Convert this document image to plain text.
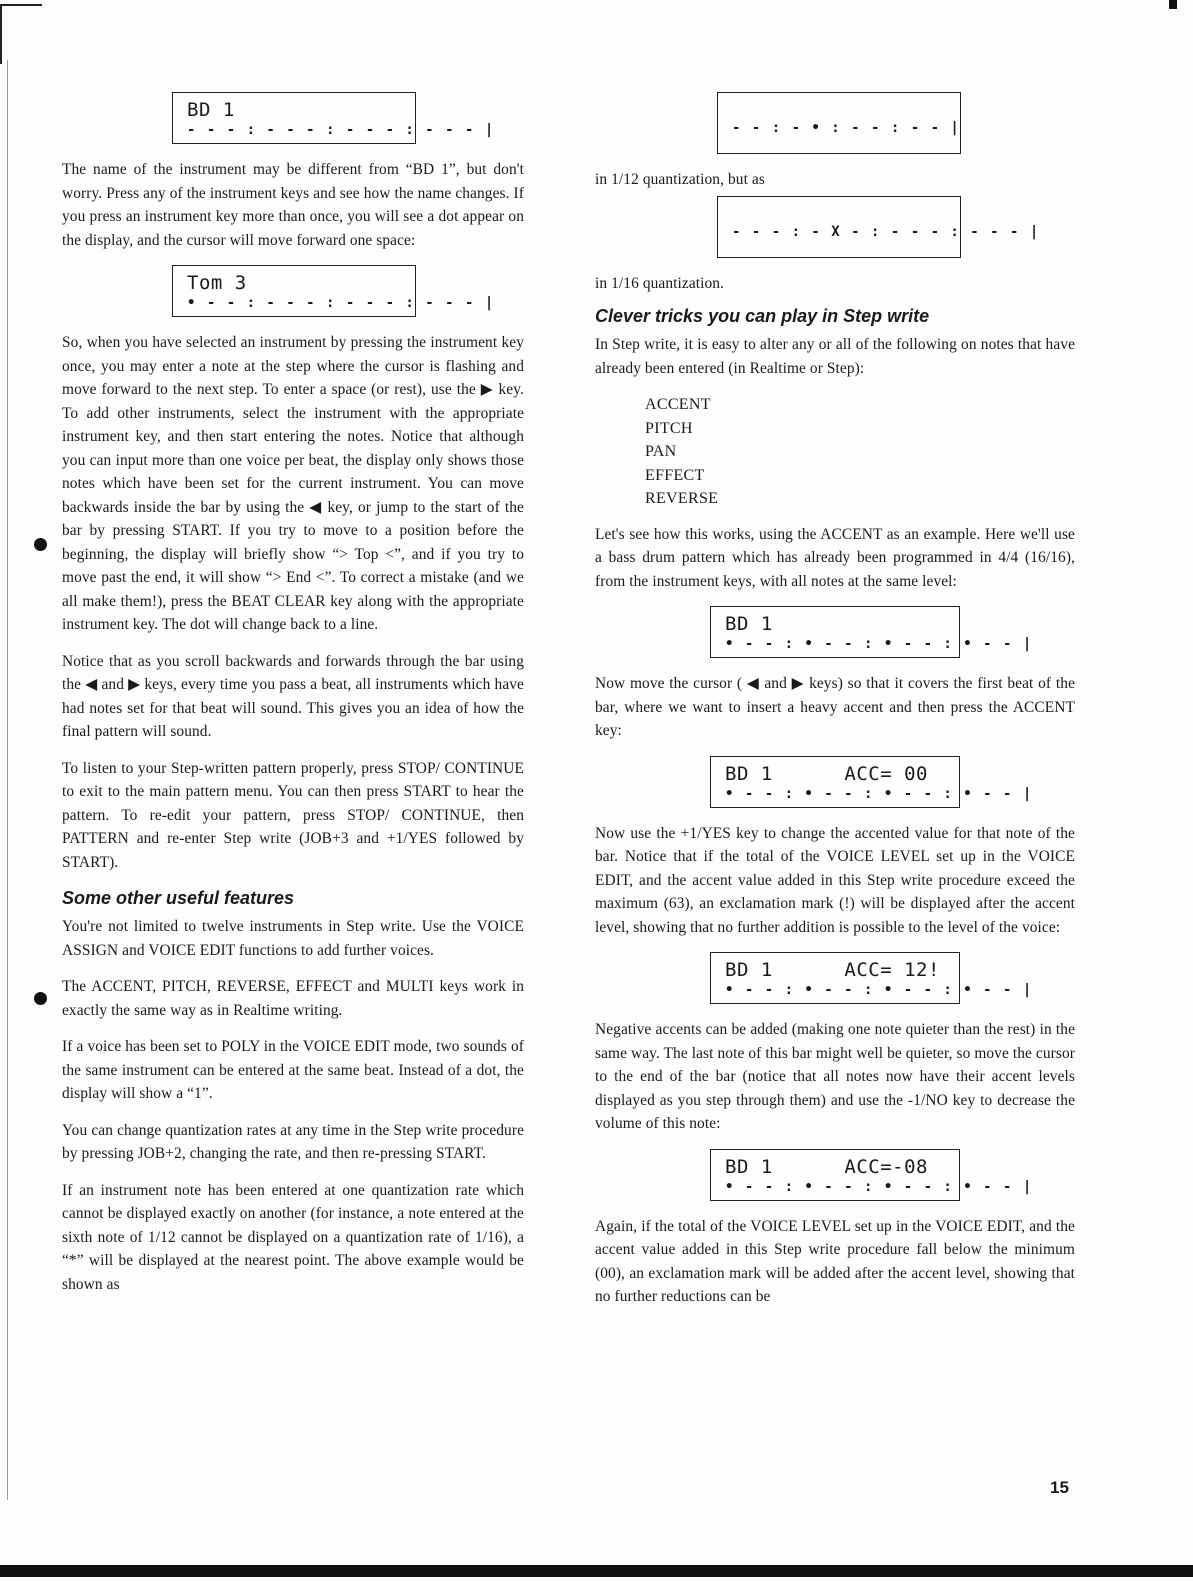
BD 1
- - - : - - - : - - - : - - - |

The name of the instrument may be different from “BD 1”, but don't worry. Press any of the instrument keys and see how the name changes. If you press an instrument key more than once, you will see a dot appear on the display, and the cursor will move forward one space:

Tom 3
• - - : - - - : - - - : - - - |

So, when you have selected an instrument by pressing the instrument key once, you may enter a note at the step where the cursor is flashing and move forward to the next step. To enter a space (or rest), use the ▶ key. To add other instruments, select the instrument with the appropriate instrument key, and then start entering the notes. Notice that although you can input more than one voice per beat, the display only shows those notes which have been set for the current instrument. You can move backwards inside the bar by using the ◀ key, or jump to the start of the bar by pressing START. If you try to move to a position before the beginning, the display will briefly show “> Top <”, and if you try to move past the end, it will show “> End <”. To correct a mistake (and we all make them!), press the BEAT CLEAR key along with the appropriate instrument key. The dot will change back to a line.

Notice that as you scroll backwards and forwards through the bar using the ◀ and ▶ keys, every time you pass a beat, all instruments which have had notes set for that beat will sound. This gives you an idea of how the final pattern will sound.

To listen to your Step-written pattern properly, press STOP/ CONTINUE to exit to the main pattern menu. You can then press START to hear the pattern. To re-edit your pattern, press STOP/ CONTINUE, then PATTERN and re-enter Step write (JOB+3 and +1/YES followed by START).

Some other useful features

You're not limited to twelve instruments in Step write. Use the VOICE ASSIGN and VOICE EDIT functions to add further voices.

The ACCENT, PITCH, REVERSE, EFFECT and MULTI keys work in exactly the same way as in Realtime writing.

If a voice has been set to POLY in the VOICE EDIT mode, two sounds of the same instrument can be entered at the same beat. Instead of a dot, the display will show a “1”.

You can change quantization rates at any time in the Step write procedure by pressing JOB+2, changing the rate, and then re-pressing START.

If an instrument note has been entered at one quantization rate which cannot be displayed exactly on another (for instance, a note entered at the sixth note of 1/12 cannot be displayed on a quantization rate of 1/16), a “*” will be displayed at the nearest point. The above example would be shown as

- - : - • : - - : - - |

in 1/12 quantization, but as

- - - : - X - : - - - : - - - |

in 1/16 quantization.

Clever tricks you can play in Step write

In Step write, it is easy to alter any or all of the following on notes that have already been entered (in Realtime or Step):

ACCENT
PITCH
PAN
EFFECT
REVERSE

Let's see how this works, using the ACCENT as an example. Here we'll use a bass drum pattern which has already been programmed in 4/4 (16/16), from the instrument keys, with all notes at the same level:

BD 1
• - - : • - - : • - - : • - - |

Now move the cursor ( ◀ and ▶ keys) so that it covers the first beat of the bar, where we want to insert a heavy accent and then press the ACCENT key:

BD 1      ACC= 00
• - - : • - - : • - - : • - - |

Now use the +1/YES key to change the accented value for that note of the bar. Notice that if the total of the VOICE LEVEL set up in the VOICE EDIT, and the accent value added in this Step write procedure exceed the maximum (63), an exclamation mark (!) will be displayed after the accent level, showing that no further addition is possible to the level of the voice:

BD 1      ACC= 12!
• - - : • - - : • - - : • - - |

Negative accents can be added (making one note quieter than the rest) in the same way. The last note of this bar might well be quieter, so move the cursor to the end of the bar (notice that all notes now have their accent levels displayed as you step through them) and use the -1/NO key to decrease the volume of this note:

BD 1      ACC=-08
• - - : • - - : • - - : • - - |

Again, if the total of the VOICE LEVEL set up in the VOICE EDIT, and the accent value added in this Step write procedure fall below the minimum (00), an exclamation mark will be added after the accent level, showing that no further reductions can be

15
